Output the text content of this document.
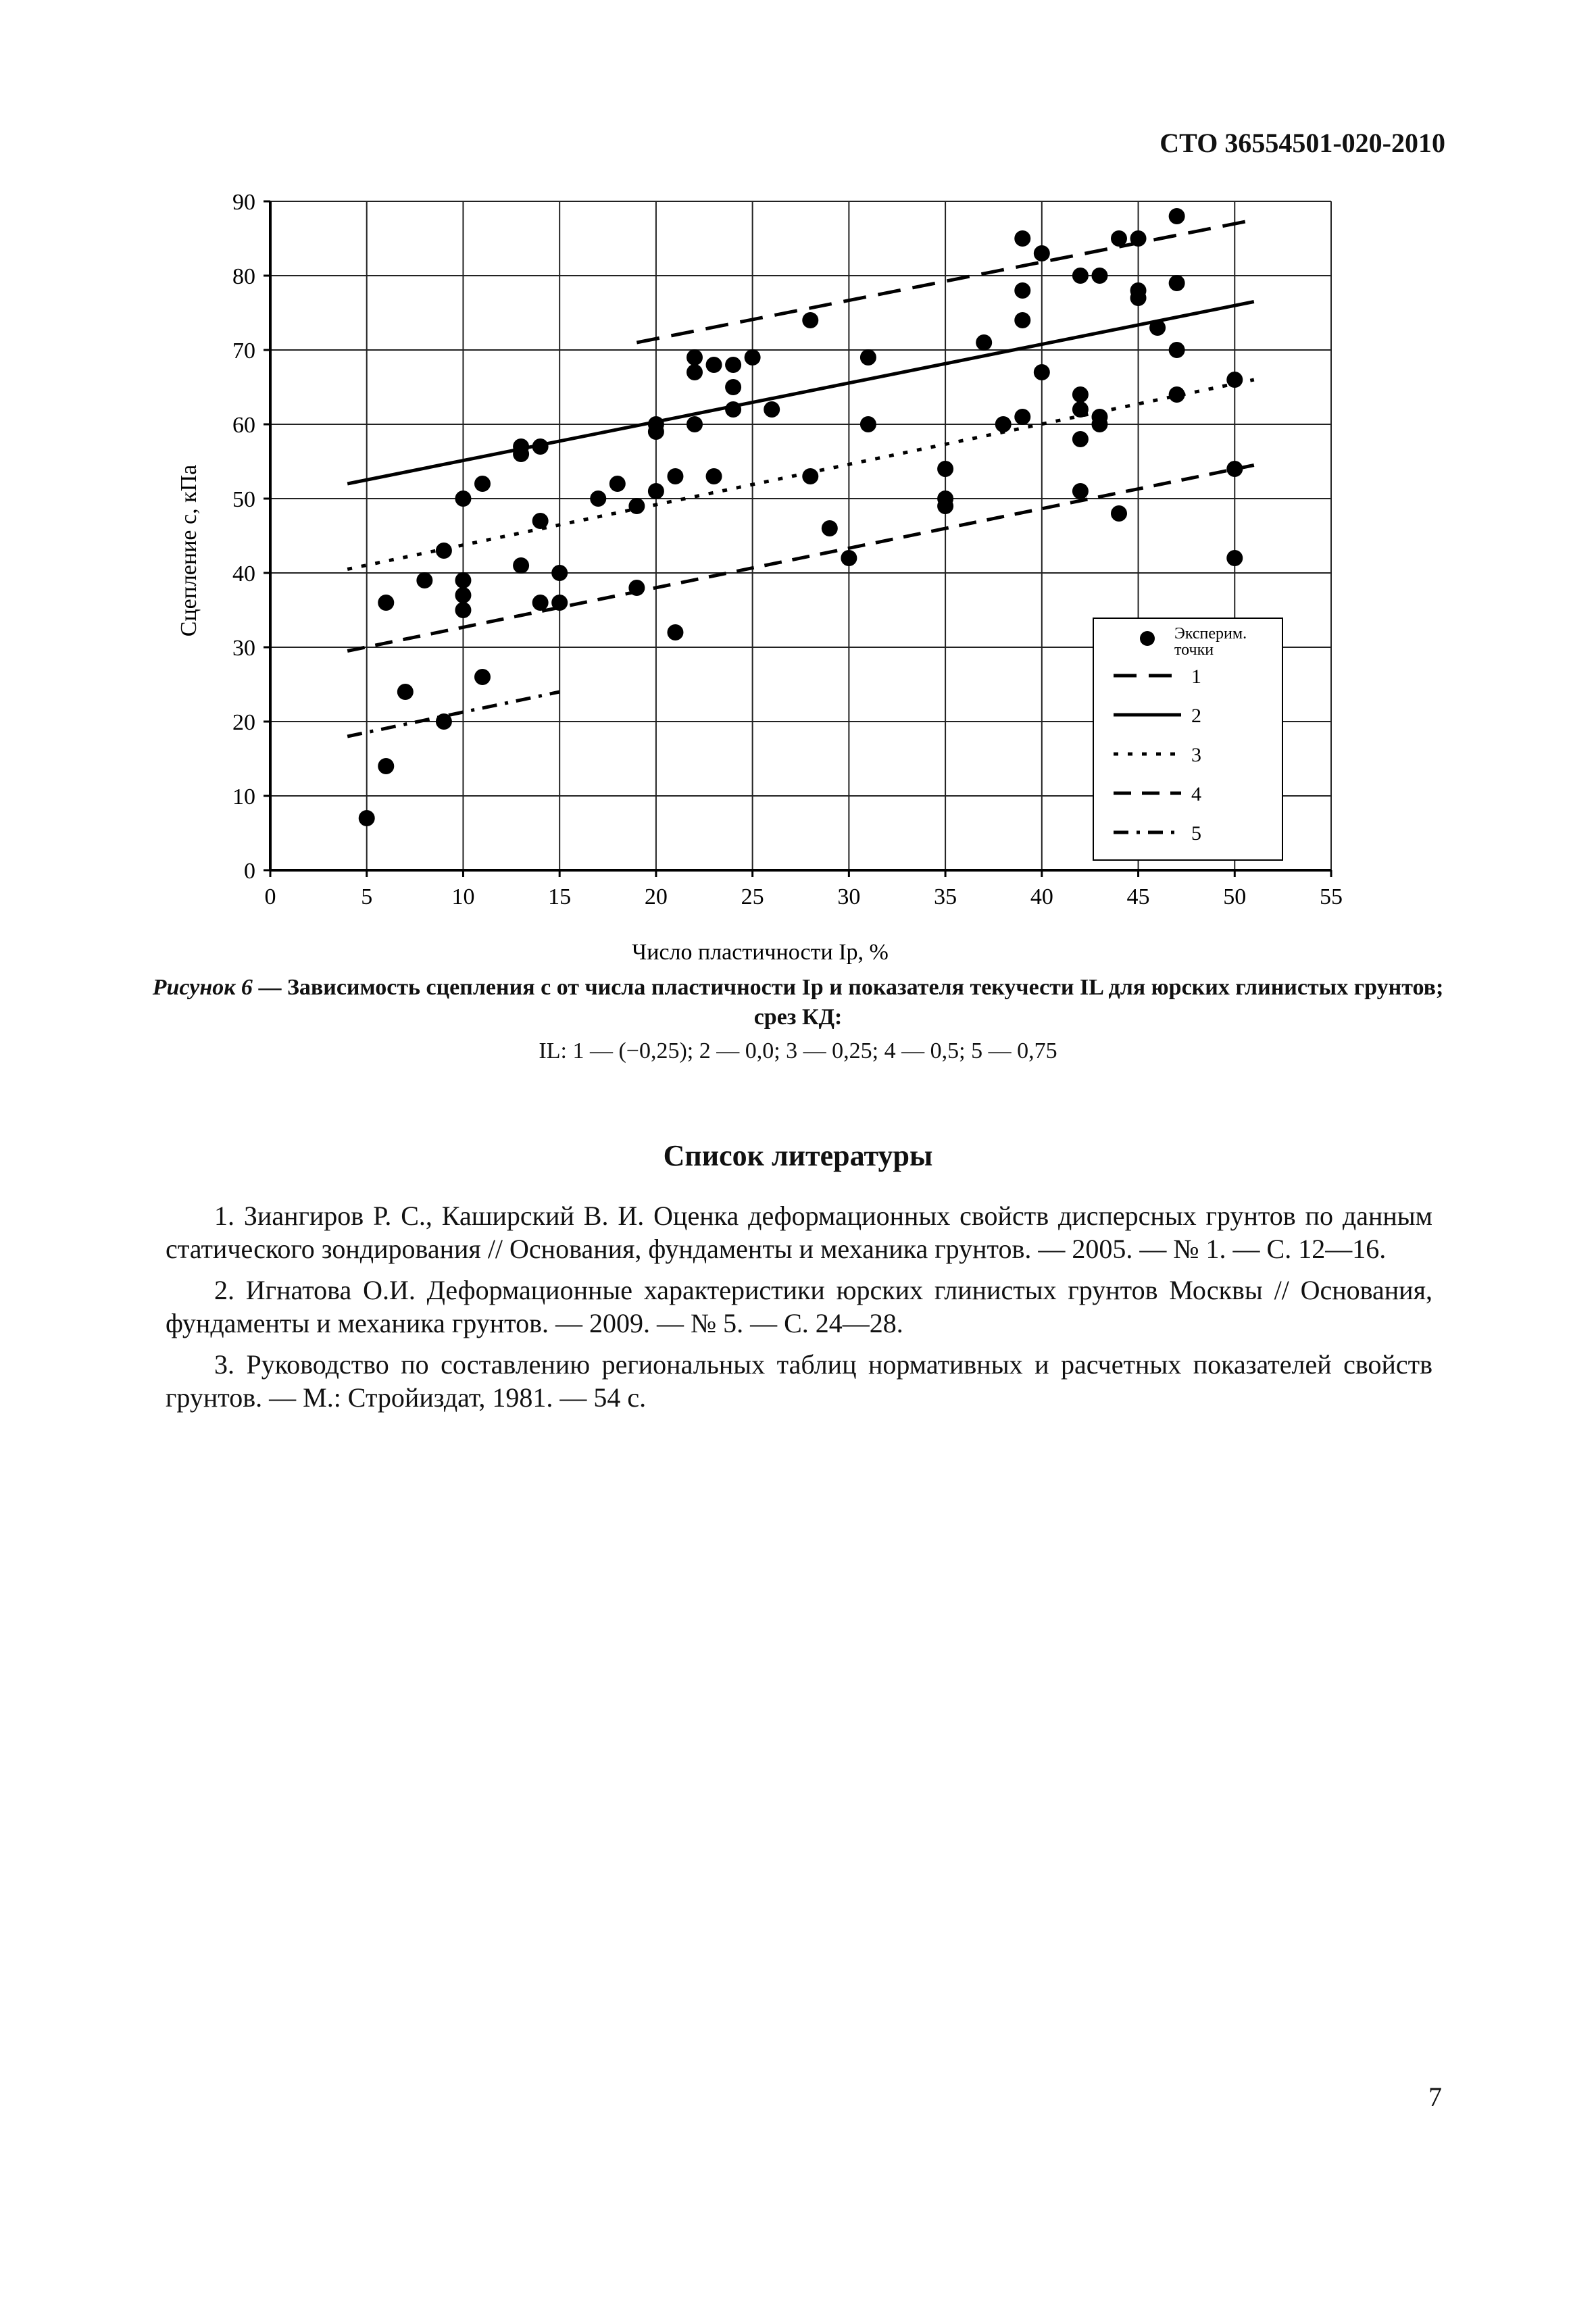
СТО 36554501-020-2010
0	5	10	15	20	25	30	35	40	45	50	55
0
10
20
30
40
50
60
70
80
90
Эксперим. точки
1
2
3
4
5
Число пластичности Ip, %
Сцепление c, кПа
Рисунок 6 — Зависимость сцепления c от числа пластичности Ip и показателя текучести IL для юрских глинистых грунтов; срез КД:
IL: 1 — (−0,25); 2 — 0,0; 3 — 0,25; 4 — 0,5; 5 — 0,75
Список литературы

1. Зиангиров Р. С., Каширский В. И. Оценка деформационных свойств дисперсных грунтов по данным статического зондирования // Основания, фундаменты и механика грунтов. — 2005. — № 1. — С. 12—16.

2. Игнатова О.И. Деформационные характеристики юрских глинистых грунтов Москвы // Основания, фундаменты и механика грунтов. — 2009. — № 5. — С. 24—28.

3. Руководство по составлению региональных таблиц нормативных и расчетных показателей свойств грунтов. — М.: Стройиздат, 1981. — 54 с.

7
